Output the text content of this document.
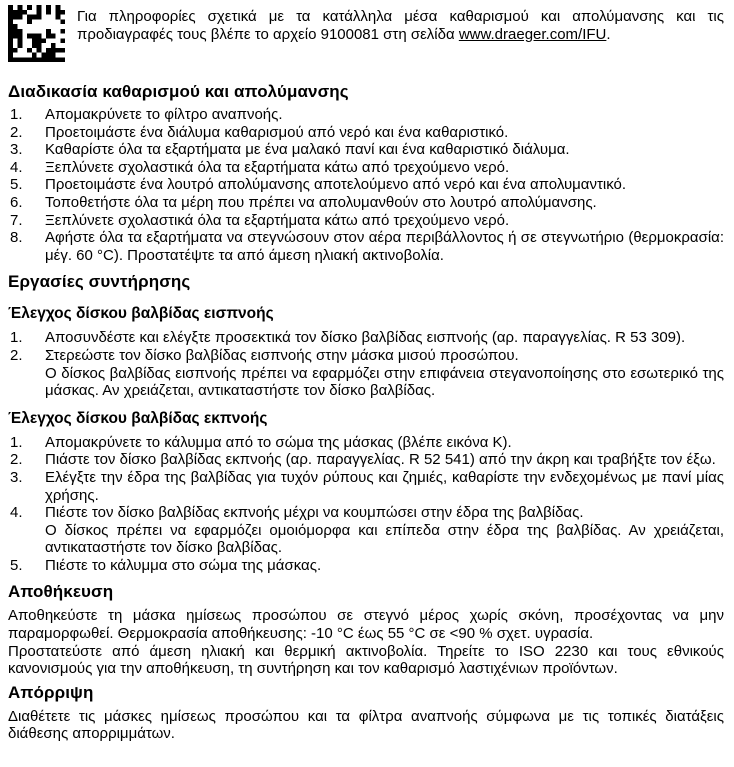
Για πληροφορίες σχετικά με τα κατάλληλα μέσα καθαρισμού και απολύμανσης και τις προδιαγραφές τους βλέπε το αρχείο 9100081 στη σελίδα www.draeger.com/IFU.

Διαδικασία καθαρισμού και απολύμανσης
1.	Απομακρύνετε το φίλτρο αναπνοής.
2.	Προετοιμάστε ένα διάλυμα καθαρισμού από νερό και ένα καθαριστικό.
3.	Καθαρίστε όλα τα εξαρτήματα με ένα μαλακό πανί και ένα καθαριστικό διάλυμα.
4.	Ξεπλύνετε σχολαστικά όλα τα εξαρτήματα κάτω από τρεχούμενο νερό.
5.	Προετοιμάστε ένα λουτρό απολύμανσης αποτελούμενο από νερό και ένα απολυμαντικό.
6.	Τοποθετήστε όλα τα μέρη που πρέπει να απολυμανθούν στο λουτρό απολύμανσης.
7.	Ξεπλύνετε σχολαστικά όλα τα εξαρτήματα κάτω από τρεχούμενο νερό.
8.	Αφήστε όλα τα εξαρτήματα να στεγνώσουν στον αέρα περιβάλλοντος ή σε στεγνωτήριο (θερμοκρασία: μέγ. 60 °C). Προστατέψτε τα από άμεση ηλιακή ακτινοβολία.
Εργασίες συντήρησης
Έλεγχος δίσκου βαλβίδας εισπνοής
1.	Αποσυνδέστε και ελέγξτε προσεκτικά τον δίσκο βαλβίδας εισπνοής (αρ. παραγγελίας. R 53 309).
2.	Στερεώστε τον δίσκο βαλβίδας εισπνοής στην μάσκα μισού προσώπου.
Ο δίσκος βαλβίδας εισπνοής πρέπει να εφαρμόζει στην επιφάνεια στεγανοποίησης στο εσωτερικό της μάσκας. Αν χρειάζεται, αντικαταστήστε τον δίσκο βαλβίδας.
Έλεγχος δίσκου βαλβίδας εκπνοής
1.	Απομακρύνετε το κάλυμμα από το σώμα της μάσκας (βλέπε εικόνα K).
2.	Πιάστε τον δίσκο βαλβίδας εκπνοής (αρ. παραγγελίας. R 52 541) από την άκρη και τραβήξτε τον έξω.
3.	Ελέγξτε την έδρα της βαλβίδας για τυχόν ρύπους και ζημιές, καθαρίστε την ενδεχομένως με πανί μίας χρήσης.
4.	Πιέστε τον δίσκο βαλβίδας εκπνοής μέχρι να κουμπώσει στην έδρα της βαλβίδας.
Ο δίσκος πρέπει να εφαρμόζει ομοιόμορφα και επίπεδα στην έδρα της βαλβίδας. Αν χρειάζεται, αντικαταστήστε τον δίσκο βαλβίδας.
5.	Πιέστε το κάλυμμα στο σώμα της μάσκας.
Αποθήκευση

Αποθηκεύστε τη μάσκα ημίσεως προσώπου σε στεγνό μέρος χωρίς σκόνη, προσέχοντας να μην παραμορφωθεί. Θερμοκρασία αποθήκευσης: -10 °C έως 55 °C σε <90 % σχετ. υγρασία.

Προστατεύστε από άμεση ηλιακή και θερμική ακτινοβολία. Τηρείτε το ISO 2230 και τους εθνικούς κανονισμούς για την αποθήκευση, τη συντήρηση και τον καθαρισμό λαστιχένιων προϊόντων.

Απόρριψη

Διαθέτετε τις μάσκες ημίσεως προσώπου και τα φίλτρα αναπνοής σύμφωνα με τις τοπικές διατάξεις διάθεσης απορριμμάτων.
